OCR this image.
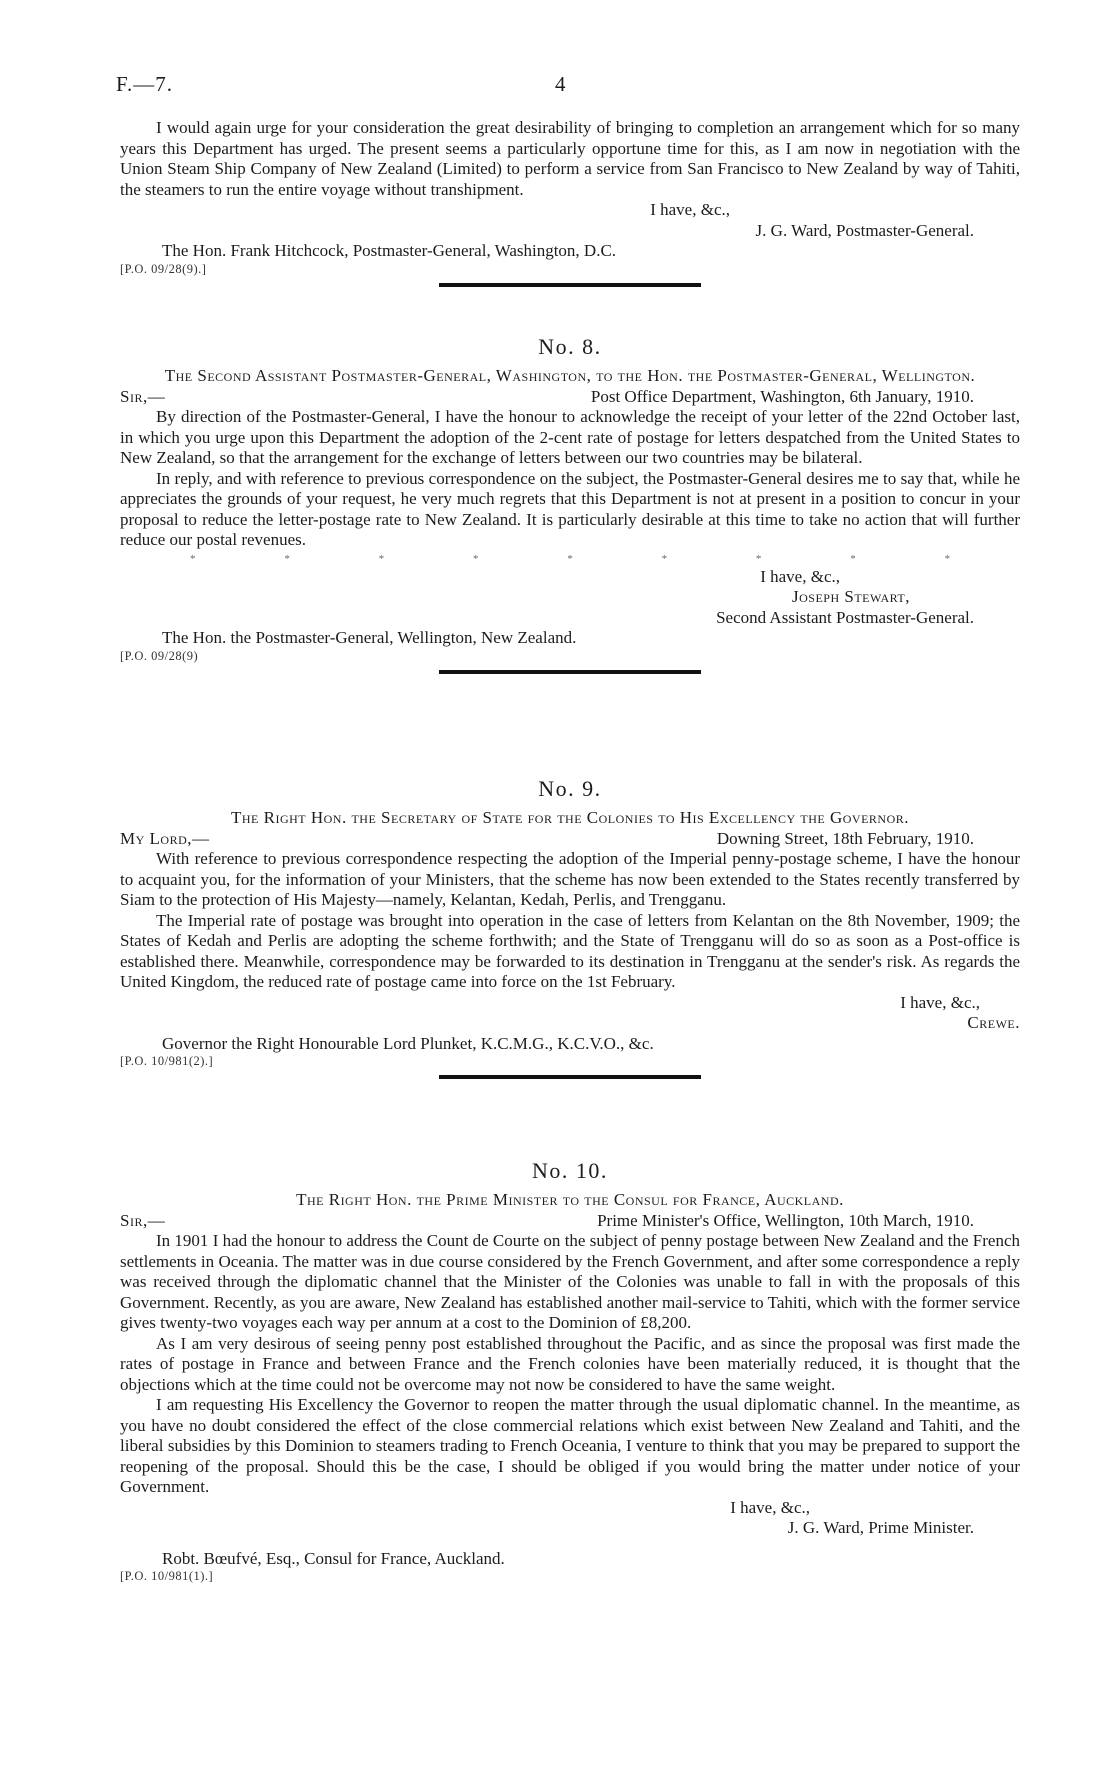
F.—7.	4

I would again urge for your consideration the great desirability of bringing to completion an arrangement which for so many years this Department has urged. The present seems a particularly opportune time for this, as I am now in negotiation with the Union Steam Ship Company of New Zealand (Limited) to perform a service from San Francisco to New Zealand by way of Tahiti, the steamers to run the entire voyage without transhipment.

I have, &c.,
J. G. Ward, Postmaster-General.
The Hon. Frank Hitchcock, Postmaster-General, Washington, D.C.
[P.O. 09/28(9).]
No. 8.
The Second Assistant Postmaster-General, Washington, to the Hon. the Postmaster-General, Wellington.
Sir,—	Post Office Department, Washington, 6th January, 1910.

By direction of the Postmaster-General, I have the honour to acknowledge the receipt of your letter of the 22nd October last, in which you urge upon this Department the adoption of the 2-cent rate of postage for letters despatched from the United States to New Zealand, so that the arrangement for the exchange of letters between our two countries may be bilateral.

In reply, and with reference to previous correspondence on the subject, the Postmaster-General desires me to say that, while he appreciates the grounds of your request, he very much regrets that this Department is not at present in a position to concur in your proposal to reduce the letter-postage rate to New Zealand. It is particularly desirable at this time to take no action that will further reduce our postal revenues.

*	*	*	*	*	*	*	*	*
I have, &c.,
Joseph Stewart,
Second Assistant Postmaster-General.
The Hon. the Postmaster-General, Wellington, New Zealand.
[P.O. 09/28(9)
No. 9.
The Right Hon. the Secretary of State for the Colonies to His Excellency the Governor.
My Lord,—	Downing Street, 18th February, 1910.

With reference to previous correspondence respecting the adoption of the Imperial penny-postage scheme, I have the honour to acquaint you, for the information of your Ministers, that the scheme has now been extended to the States recently transferred by Siam to the protection of His Majesty—namely, Kelantan, Kedah, Perlis, and Trengganu.

The Imperial rate of postage was brought into operation in the case of letters from Kelantan on the 8th November, 1909; the States of Kedah and Perlis are adopting the scheme forthwith; and the State of Trengganu will do so as soon as a Post-office is established there. Meanwhile, correspondence may be forwarded to its destination in Trengganu at the sender's risk. As regards the United Kingdom, the reduced rate of postage came into force on the 1st February.

I have, &c.,
Crewe.
Governor the Right Honourable Lord Plunket, K.C.M.G., K.C.V.O., &c.
[P.O. 10/981(2).]
No. 10.
The Right Hon. the Prime Minister to the Consul for France, Auckland.
Sir,—	Prime Minister's Office, Wellington, 10th March, 1910.

In 1901 I had the honour to address the Count de Courte on the subject of penny postage between New Zealand and the French settlements in Oceania. The matter was in due course considered by the French Government, and after some correspondence a reply was received through the diplomatic channel that the Minister of the Colonies was unable to fall in with the proposals of this Government. Recently, as you are aware, New Zealand has established another mail-service to Tahiti, which with the former service gives twenty-two voyages each way per annum at a cost to the Dominion of £8,200.

As I am very desirous of seeing penny post established throughout the Pacific, and as since the proposal was first made the rates of postage in France and between France and the French colonies have been materially reduced, it is thought that the objections which at the time could not be overcome may not now be considered to have the same weight.

I am requesting His Excellency the Governor to reopen the matter through the usual diplomatic channel. In the meantime, as you have no doubt considered the effect of the close commercial relations which exist between New Zealand and Tahiti, and the liberal subsidies by this Dominion to steamers trading to French Oceania, I venture to think that you may be prepared to support the reopening of the proposal. Should this be the case, I should be obliged if you would bring the matter under notice of your Government.

I have, &c.,
J. G. Ward, Prime Minister.
Robt. Bœufvé, Esq., Consul for France, Auckland.
[P.O. 10/981(1).]
